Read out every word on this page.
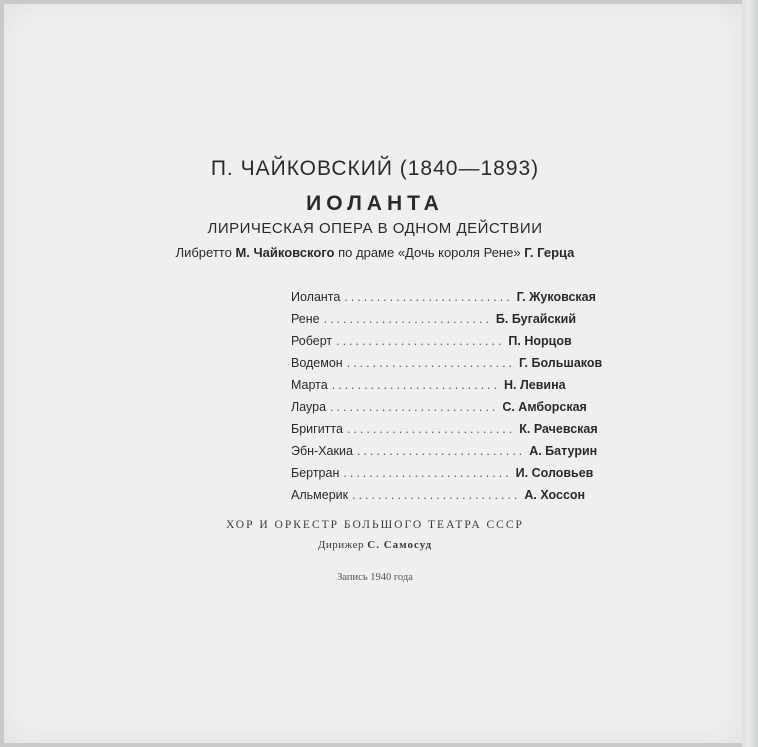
П. ЧАЙКОВСКИЙ (1840—1893)
ИОЛАНТА
ЛИРИЧЕСКАЯ ОПЕРА В ОДНОМ ДЕЙСТВИИ
Либретто М. Чайковского по драме «Дочь короля Рене» Г. Герца
Иоланта .......................... Г. Жуковская
Рене .......................... Б. Бугайский
Роберт .......................... П. Норцов
Водемон .......................... Г. Большаков
Марта .......................... Н. Левина
Лаура .......................... С. Амборская
Бригитта .......................... К. Рачевская
Эбн-Хакиа .......................... А. Батурин
Бертран .......................... И. Соловьев
Альмерик .......................... А. Хоссон
ХОР И ОРКЕСТР БОЛЬШОГО ТЕАТРА СССР
Дирижер С. Самосуд
Запись 1940 года
